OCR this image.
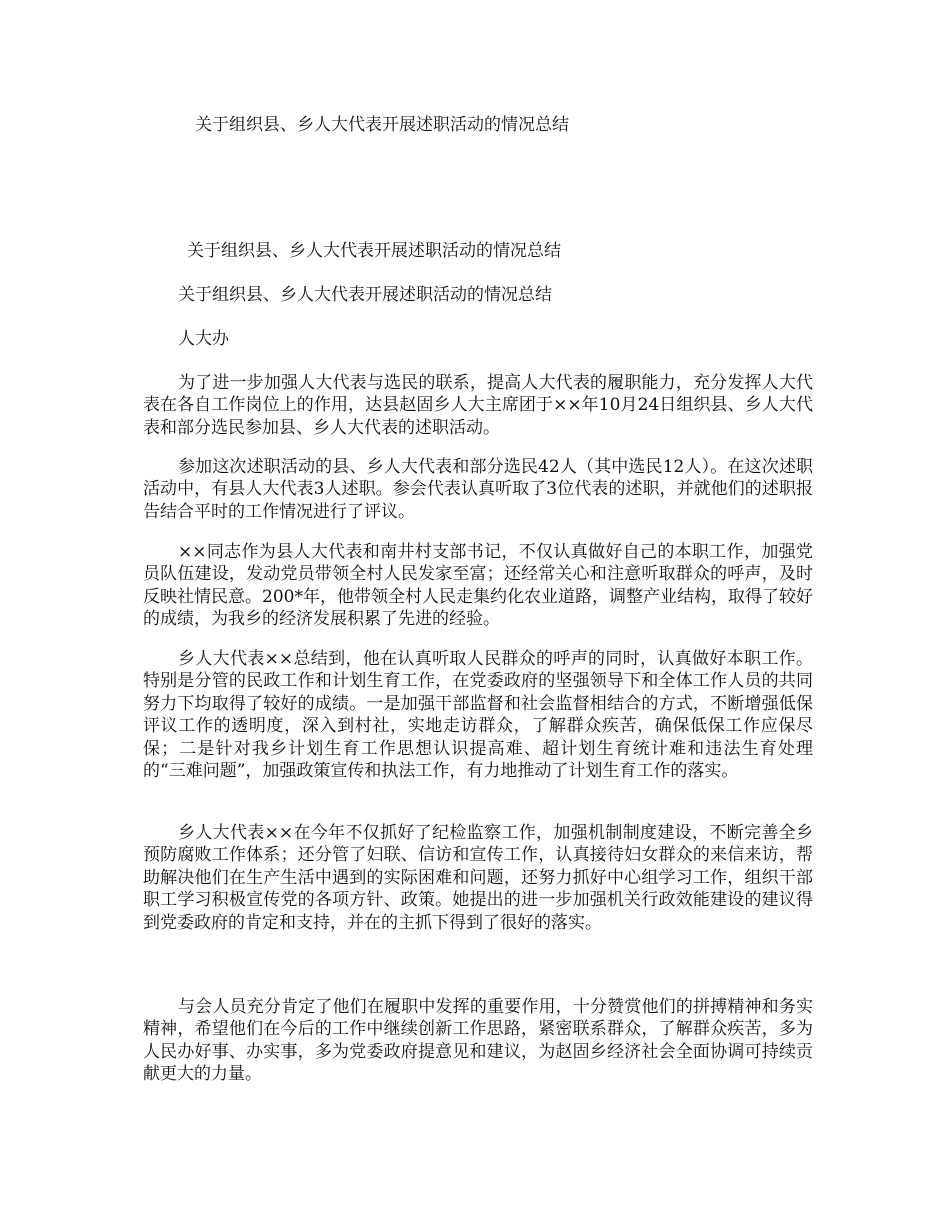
关于组织县、乡人大代表开展述职活动的情况总结
关于组织县、乡人大代表开展述职活动的情况总结
关于组织县、乡人大代表开展述职活动的情况总结
人大办

为了进一步加强人大代表与选民的联系，提高人大代表的履职能力，充分发挥人大代表在各自工作岗位上的作用，达县赵固乡人大主席团于××年10月24日组织县、乡人大代表和部分选民参加县、乡人大代表的述职活动。

参加这次述职活动的县、乡人大代表和部分选民42人（其中选民12人）。在这次述职活动中，有县人大代表3人述职。参会代表认真听取了3位代表的述职，并就他们的述职报告结合平时的工作情况进行了评议。

××同志作为县人大代表和南井村支部书记，不仅认真做好自己的本职工作，加强党员队伍建设，发动党员带领全村人民发家至富；还经常关心和注意听取群众的呼声，及时反映社情民意。200*年，他带领全村人民走集约化农业道路，调整产业结构，取得了较好的成绩，为我乡的经济发展积累了先进的经验。

乡人大代表××总结到，他在认真听取人民群众的呼声的同时，认真做好本职工作。特别是分管的民政工作和计划生育工作，在党委政府的坚强领导下和全体工作人员的共同努力下均取得了较好的成绩。一是加强干部监督和社会监督相结合的方式，不断增强低保评议工作的透明度，深入到村社，实地走访群众，了解群众疾苦，确保低保工作应保尽保；二是针对我乡计划生育工作思想认识提高难、超计划生育统计难和违法生育处理的“三难问题”，加强政策宣传和执法工作，有力地推动了计划生育工作的落实。

乡人大代表××在今年不仅抓好了纪检监察工作，加强机制制度建设，不断完善全乡预防腐败工作体系；还分管了妇联、信访和宣传工作，认真接待妇女群众的来信来访，帮助解决他们在生产生活中遇到的实际困难和问题，还努力抓好中心组学习工作，组织干部职工学习积极宣传党的各项方针、政策。她提出的进一步加强机关行政效能建设的建议得到党委政府的肯定和支持，并在的主抓下得到了很好的落实。

与会人员充分肯定了他们在履职中发挥的重要作用，十分赞赏他们的拼搏精神和务实精神，希望他们在今后的工作中继续创新工作思路，紧密联系群众，了解群众疾苦，多为人民办好事、办实事，多为党委政府提意见和建议，为赵固乡经济社会全面协调可持续贡献更大的力量。
